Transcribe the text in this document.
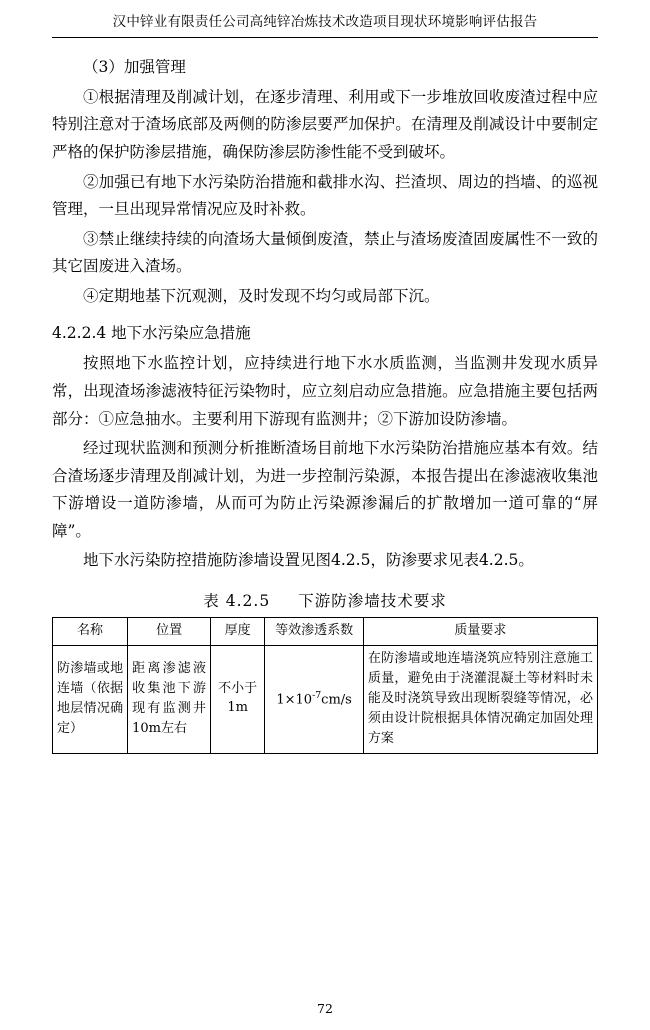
汉中锌业有限责任公司高纯锌冶炼技术改造项目现状环境影响评估报告

（3）加强管理

①根据清理及削减计划，在逐步清理、利用或下一步堆放回收废渣过程中应特别注意对于渣场底部及两侧的防渗层要严加保护。在清理及削减设计中要制定严格的保护防渗层措施，确保防渗层防渗性能不受到破坏。

②加强已有地下水污染防治措施和截排水沟、拦渣坝、周边的挡墙、的巡视管理，一旦出现异常情况应及时补救。

③禁止继续持续的向渣场大量倾倒废渣，禁止与渣场废渣固废属性不一致的其它固废进入渣场。

④定期地基下沉观测，及时发现不均匀或局部下沉。

4.2.2.4 地下水污染应急措施

按照地下水监控计划，应持续进行地下水水质监测，当监测井发现水质异常，出现渣场渗滤液特征污染物时，应立刻启动应急措施。应急措施主要包括两部分：①应急抽水。主要利用下游现有监测井；②下游加设防渗墙。

经过现状监测和预测分析推断渣场目前地下水污染防治措施应基本有效。结合渣场逐步清理及削减计划，为进一步控制污染源，本报告提出在渗滤液收集池下游增设一道防渗墙，从而可为防止污染源渗漏后的扩散增加一道可靠的“屏障”。

地下水污染防控措施防渗墙设置见图4.2.5，防渗要求见表4.2.5。

表 4.2.5 下游防渗墙技术要求
名称	位置	厚度	等效渗透系数	质量要求
防渗墙或地连墙（依据地层情况确定）	距离渗滤液收集池下游现有监测井10m左右	不小于1m	$1\times 10^{-7}cm/s$	在防渗墙或地连墙浇筑应特别注意施工质量，避免由于浇灌混凝土等材料时未能及时浇筑导致出现断裂缝等情况，必须由设计院根据具体情况确定加固处理方案
72
